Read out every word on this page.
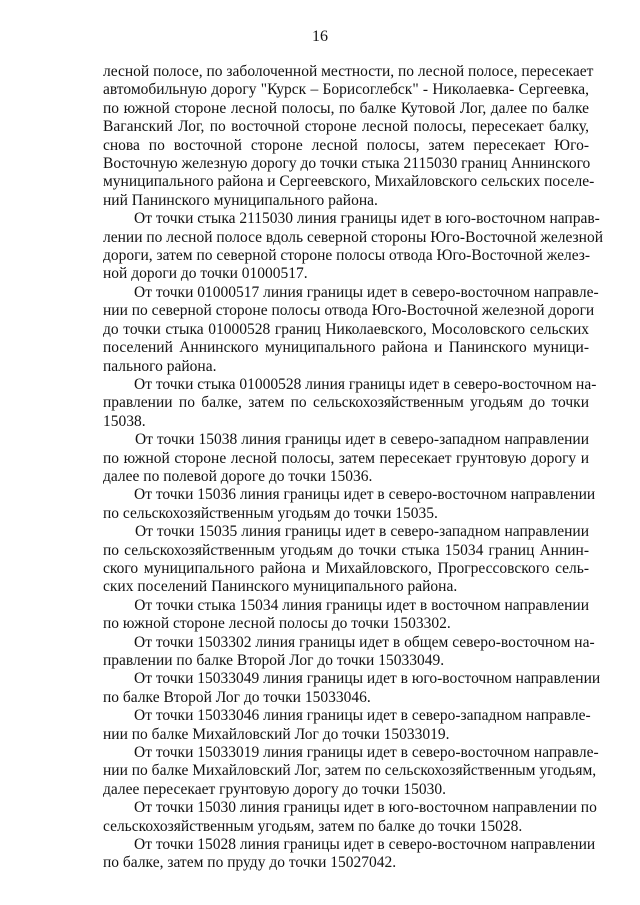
16

лесной полосе, по заболоченной местности, по лесной полосе, пересекает
автомобильную дорогу "Курск – Борисоглебск" - Николаевка- Сергеевка,
по южной стороне лесной полосы, по балке Кутовой Лог, далее по балке
Ваганский Лог, по восточной стороне лесной полосы, пересекает балку,
снова по восточной стороне лесной полосы, затем пересекает Юго-
Восточную железную дорогу до точки стыка 2115030 границ Аннинского
муниципального района и Сергеевского, Михайловского сельских поселе-
ний Панинского муниципального района.

От точки стыка 2115030 линия границы идет в юго-восточном направ-
лении по лесной полосе вдоль северной стороны Юго-Восточной железной
дороги, затем по северной стороне полосы отвода Юго-Восточной желез-
ной дороги до точки 01000517.

От точки 01000517 линия границы идет в северо-восточном направле-
нии по северной стороне полосы отвода Юго-Восточной железной дороги
до точки стыка 01000528 границ Николаевского, Мосоловского сельских
поселений Аннинского муниципального района и Панинского муници-
пального района.

От точки стыка 01000528 линия границы идет в северо-восточном на-
правлении по балке, затем по сельскохозяйственным угодьям до точки
15038.

От точки 15038 линия границы идет в северо-западном направлении
по южной стороне лесной полосы, затем пересекает грунтовую дорогу и
далее по полевой дороге до точки 15036.

От точки 15036 линия границы идет в северо-восточном направлении
по сельскохозяйственным угодьям до точки 15035.

От точки 15035 линия границы идет в северо-западном направлении
по сельскохозяйственным угодьям до точки стыка 15034 границ Аннин-
ского муниципального района и Михайловского, Прогрессовского сель-
ских поселений Панинского муниципального района.

От точки стыка 15034 линия границы идет в восточном направлении
по южной стороне лесной полосы до точки 1503302.

От точки 1503302 линия границы идет в общем северо-восточном на-
правлении по балке Второй Лог до точки 15033049.

От точки 15033049 линия границы идет в юго-восточном направлении
по балке Второй Лог до точки 15033046.

От точки 15033046 линия границы идет в северо-западном направле-
нии по балке Михайловский Лог до точки 15033019.

От точки 15033019 линия границы идет в северо-восточном направле-
нии по балке Михайловский Лог, затем по сельскохозяйственным угодьям,
далее пересекает грунтовую дорогу до точки 15030.

От точки 15030 линия границы идет в юго-восточном направлении по
сельскохозяйственным угодьям, затем по балке до точки 15028.

От точки 15028 линия границы идет в северо-восточном направлении
по балке, затем по пруду до точки 15027042.
